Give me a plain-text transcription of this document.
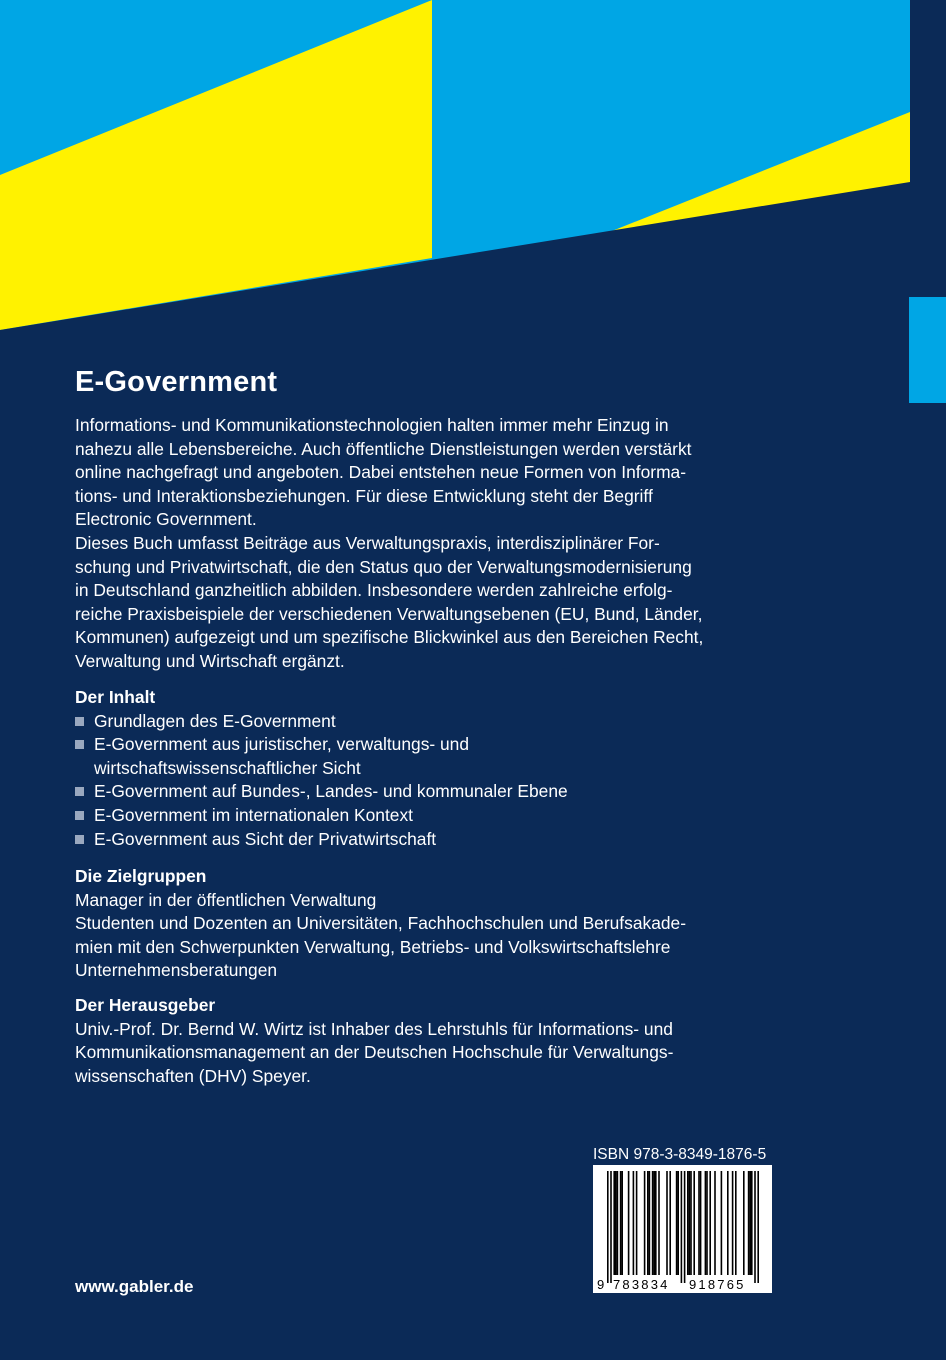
E-Government

Informations- und Kommunikationstechnologien halten immer mehr Einzug in
nahezu alle Lebensbereiche. Auch öffentliche Dienstleistungen werden verstärkt
online nachgefragt und angeboten. Dabei entstehen neue Formen von Informa-
tions- und Interaktionsbeziehungen. Für diese Entwicklung steht der Begriff
Electronic Government.
Dieses Buch umfasst Beiträge aus Verwaltungspraxis, interdisziplinärer For-
schung und Privatwirtschaft, die den Status quo der Verwaltungsmodernisierung
in Deutschland ganzheitlich abbilden. Insbesondere werden zahlreiche erfolg-
reiche Praxisbeispiele der verschiedenen Verwaltungsebenen (EU, Bund, Länder,
Kommunen) aufgezeigt und um spezifische Blickwinkel aus den Bereichen Recht,
Verwaltung und Wirtschaft ergänzt.

Der Inhalt
Grundlagen des E-Government
E-Government aus juristischer, verwaltungs- und
wirtschaftswissenschaftlicher Sicht
E-Government auf Bundes-, Landes- und kommunaler Ebene
E-Government im internationalen Kontext
E-Government aus Sicht der Privatwirtschaft
Die Zielgruppen
Manager in der öffentlichen Verwaltung
Studenten und Dozenten an Universitäten, Fachhochschulen und Berufsakade-
mien mit den Schwerpunkten Verwaltung, Betriebs- und Volkswirtschaftslehre
Unternehmensberatungen
Der Herausgeber
Univ.-Prof. Dr. Bernd W. Wirtz ist Inhaber des Lehrstuhls für Informations- und
Kommunikationsmanagement an der Deutschen Hochschule für Verwaltungs-
wissenschaften (DHV) Speyer.
ISBN 978-3-8349-1876-5
9 783834 918765
www.gabler.de
